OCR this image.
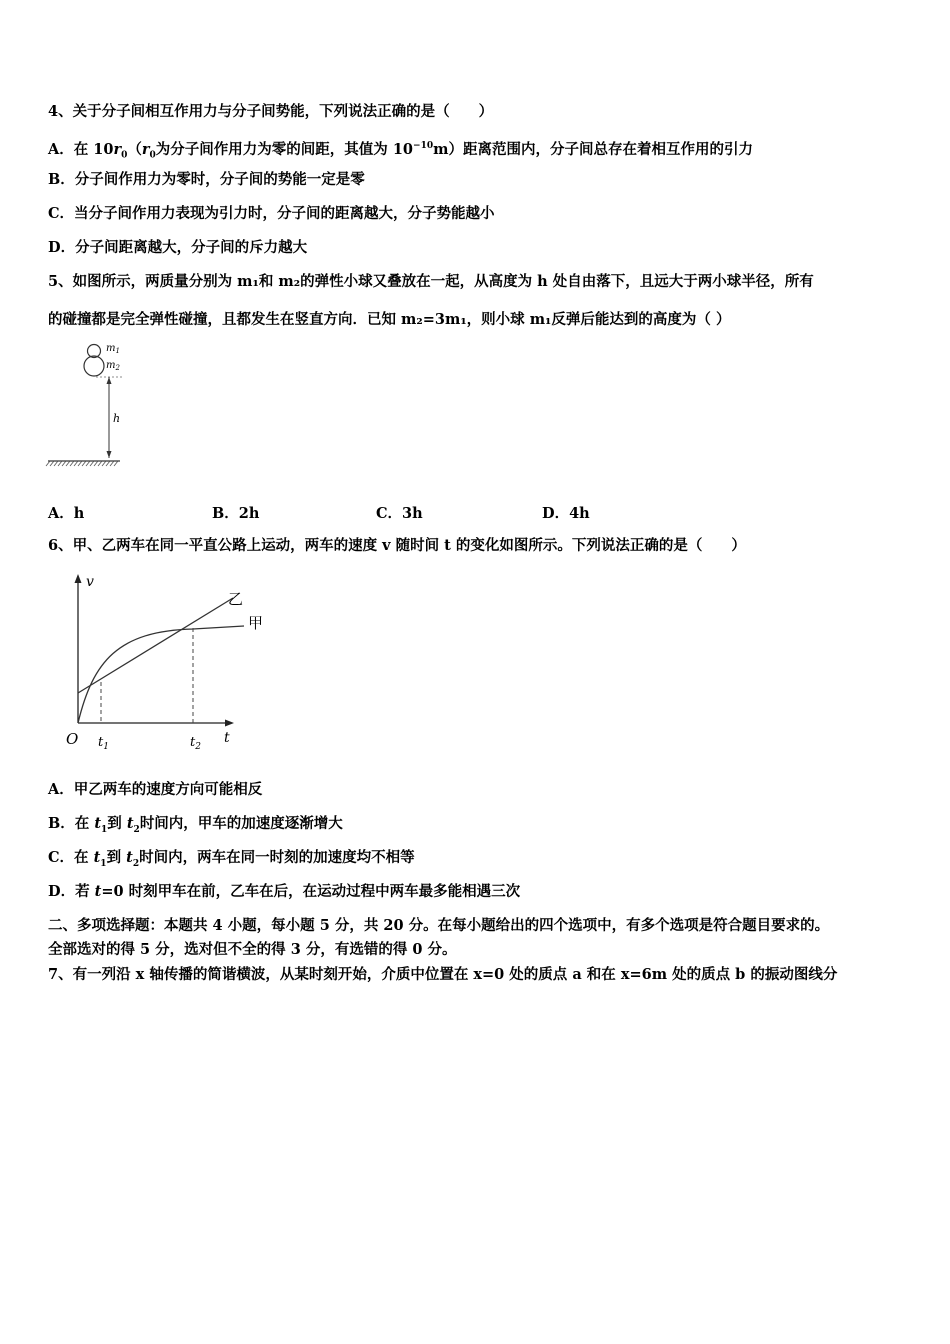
4、关于分子间相互作用力与分子间势能，下列说法正确的是（　　）
A．在 $10r_0(r_0$为分子间作用力为零的间距，其值为 $10^{-10}m$）距离范围内，分子间总存在着相互作用的引力
B．分子间作用力为零时，分子间的势能一定是零
C．当分子间作用力表现为引力时，分子间的距离越大，分子势能越小
D．分子间距离越大，分子间的斥力越大
5、如图所示，两质量分别为 m₁和 m₂的弹性小球又叠放在一起，从高度为 h 处自由落下，且远大于两小球半径，所有
的碰撞都是完全弹性碰撞，且都发生在竖直方向．已知 m₂=3m₁，则小球 m₁反弹后能达到的高度为（ ）
$m_1$
$m_2$
h
A．h	B．2h	C．3h	D．4h
6、甲、乙两车在同一平直公路上运动，两车的速度 v 随时间 t 的变化如图所示。下列说法正确的是（　　）
v
t
O $t_1$	$t_2$
乙
甲
A．甲乙两车的速度方向可能相反
B．在 $t_1$到 $t_2$时间内，甲车的加速度逐渐增大
C．在 $t_1$到 $t_2$时间内，两车在同一时刻的加速度均不相等
D．若 t=0 时刻甲车在前，乙车在后，在运动过程中两车最多能相遇三次
二、多项选择题：本题共 4 小题，每小题 5 分，共 20 分。在每小题给出的四个选项中，有多个选项是符合题目要求的。
全部选对的得 5 分，选对但不全的得 3 分，有选错的得 0 分。
7、有一列沿 x 轴传播的简谐横波，从某时刻开始，介质中位置在 x=0 处的质点 a 和在 x=6m 处的质点 b 的振动图线分
